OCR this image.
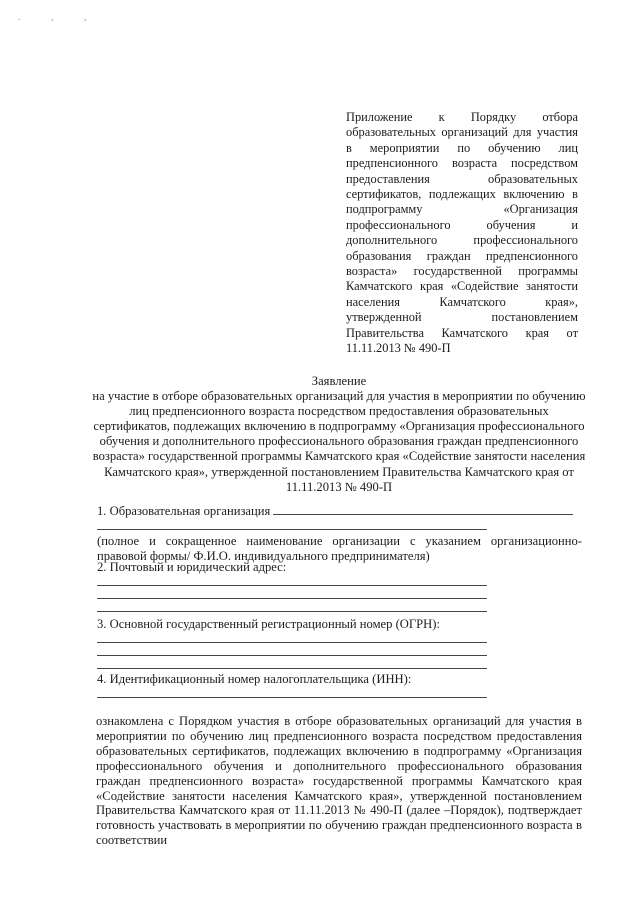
. , ,

Приложение к Порядку отбора образовательных организаций для участия в мероприятии по обучению лиц предпенсионного возраста посредством предоставления образовательных сертификатов, подлежащих включению в подпрограмму «Организация профессионального обучения и дополнительного профессионального образования граждан предпенсионного возраста» государственной программы Камчатского края «Содействие занятости населения Камчатского края», утвержденной постановлением Правительства Камчатского края от 11.11.2013 № 490-П

Заявление

на участие в отборе образовательных организаций для участия в мероприятии по обучению лиц предпенсионного возраста посредством предоставления образовательных сертификатов, подлежащих включению в подпрограмму «Организация профессионального обучения и дополнительного профессионального образования граждан предпенсионного возраста» государственной программы Камчатского края «Содействие занятости населения Камчатского края», утвержденной постановлением Правительства Камчатского края от 11.11.2013 № 490-П

1. Образовательная организация

(полное и сокращенное наименование организации с указанием организационно-правовой формы/ Ф.И.О. индивидуального предпринимателя)

2. Почтовый и юридический адрес:
3. Основной государственный регистрационный номер (ОГРН):
4. Идентификационный номер налогоплательщика (ИНН):

ознакомлена с Порядком участия в отборе образовательных организаций для участия в мероприятии по обучению лиц предпенсионного возраста посредством предоставления образовательных сертификатов, подлежащих включению в подпрограмму «Организация профессионального обучения и дополнительного профессионального образования граждан предпенсионного возраста» государственной программы Камчатского края «Содействие занятости населения Камчатского края», утвержденной постановлением Правительства Камчатского края от 11.11.2013 № 490-П (далее –Порядок), подтверждает готовность участвовать в мероприятии по обучению граждан предпенсионного возраста в соответствии
